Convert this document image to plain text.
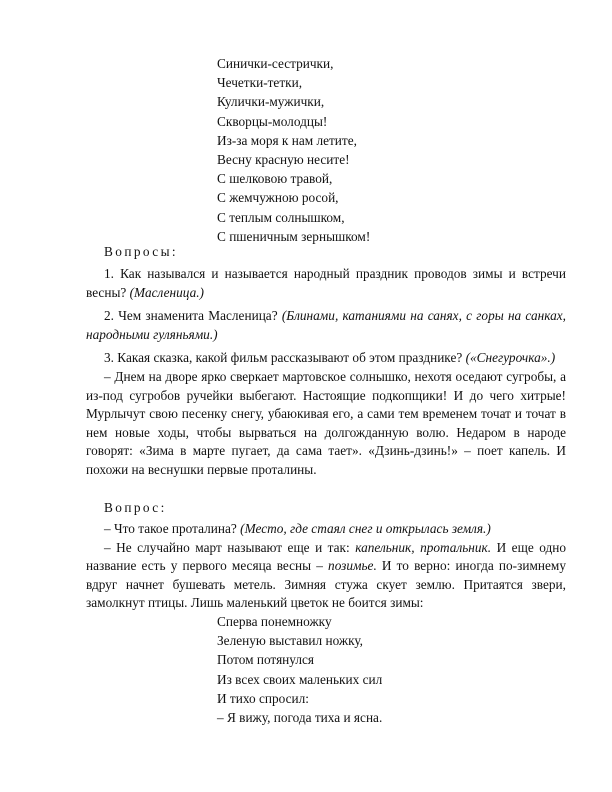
Синички-сестрички,
Чечетки-тетки,
Кулички-мужички,
Скворцы-молодцы!
Из-за моря к нам летите,
Весну красную несите!
С шелковою травой,
С жемчужною росой,
С теплым солнышком,
С пшеничным зернышком!
Вопросы:

1. Как назывался и называется народный праздник проводов зимы и встречи весны? (Масленица.)

2. Чем знаменита Масленица? (Блинами, катаниями на санях, с горы на санках, народными гуляньями.)

3. Какая сказка, какой фильм рассказывают об этом празднике? («Снегурочка».)

– Днем на дворе ярко сверкает мартовское солнышко, нехотя оседают сугробы, а из-под сугробов ручейки выбегают. Настоящие подкопщики! И до чего хитрые! Мурлычут свою песенку снегу, убаюкивая его, а сами тем временем точат и точат в нем новые ходы, чтобы вырваться на долгожданную волю. Недаром в народе говорят: «Зима в марте пугает, да сама тает». «Дзинь-дзинь!» – поет капель. И похожи на веснушки первые проталины.

Вопрос:

– Что такое проталина? (Место, где стаял снег и открылась земля.)

– Не случайно март называют еще и так: капельник, протальник. И еще одно название есть у первого месяца весны – позимье. И то верно: иногда по-зимнему вдруг начнет бушевать метель. Зимняя стужа скует землю. Притаятся звери, замолкнут птицы. Лишь маленький цветок не боится зимы:

Сперва понемножку
Зеленую выставил ножку,
Потом потянулся
Из всех своих маленьких сил
И тихо спросил:
– Я вижу, погода тиха и ясна.
